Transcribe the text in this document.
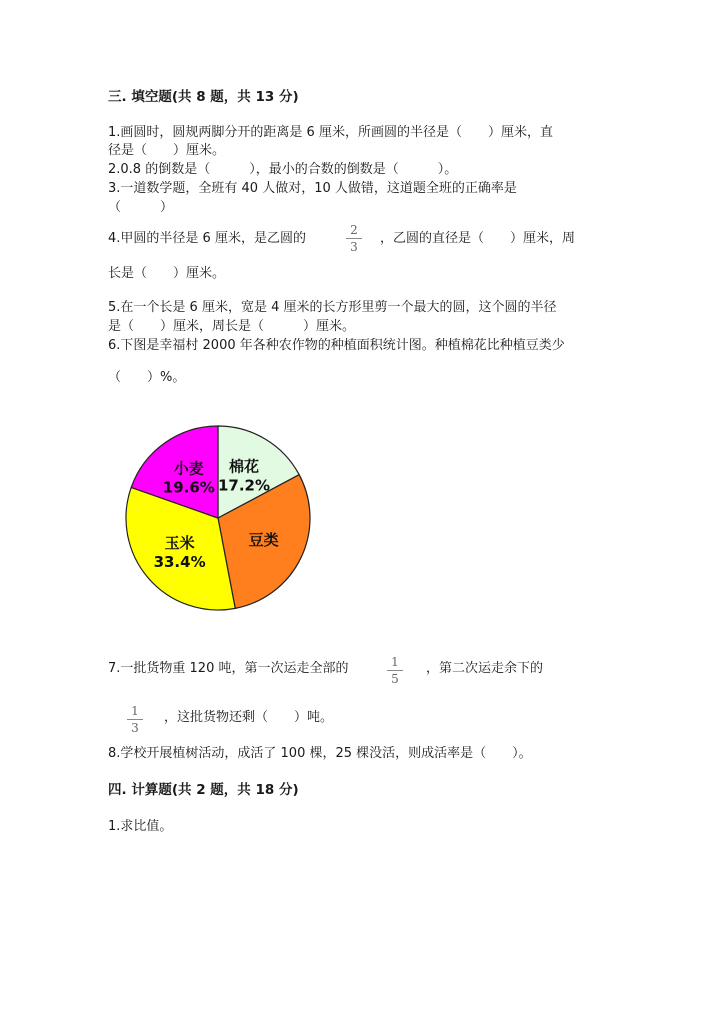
三. 填空题(共 8 题，共 13 分)
1.画圆时，圆规两脚分开的距离是 6 厘米，所画圆的半径是（　　）厘米，直
径是（　　）厘米。
2.0.8 的倒数是（　　　），最小的合数的倒数是（　　　）。
3.一道数学题，全班有 40 人做对，10 人做错，这道题全班的正确率是
（　　　）
4.甲圆的半径是 6 厘米，是乙圆的
2
3
，乙圆的直径是（　　）厘米，周
长是（　　）厘米。
5.在一个长是 6 厘米，宽是 4 厘米的长方形里剪一个最大的圆，这个圆的半径
是（　　）厘米，周长是（　　　）厘米。
6.下图是幸福村 2000 年各种农作物的种植面积统计图。种植棉花比种植豆类少
（　　）%。
棉花
17.2%
豆类
玉米
33.4%
小麦
19.6%
7.一批货物重 120 吨，第一次运走全部的	1
5
，第二次运走余下的
1
3
，这批货物还剩（　　）吨。
8.学校开展植树活动，成活了 100 棵，25 棵没活，则成活率是（　　）。
四. 计算题(共 2 题，共 18 分)
1.求比值。
